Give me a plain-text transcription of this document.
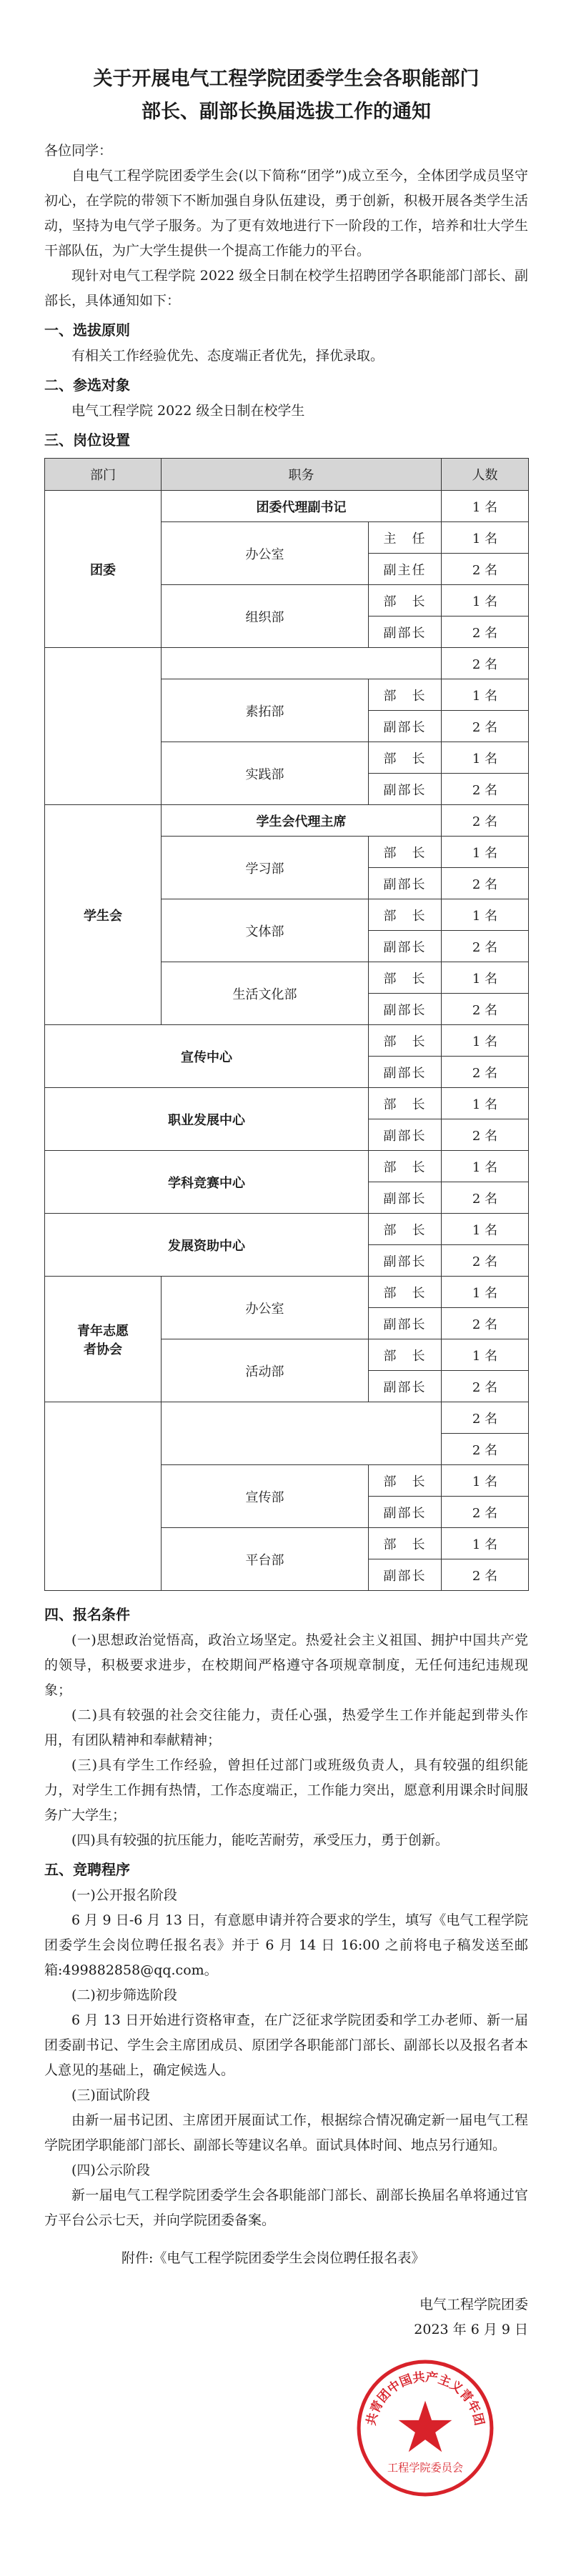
关于开展电气工程学院团委学生会各职能部门
部长、副部长换届选拔工作的通知

各位同学：

自电气工程学院团委学生会(以下简称“团学”)成立至今，全体团学成员坚守初心，在学院的带领下不断加强自身队伍建设，勇于创新，积极开展各类学生活动，坚持为电气学子服务。为了更有效地进行下一阶段的工作，培养和壮大学生干部队伍，为广大学生提供一个提高工作能力的平台。

现针对电气工程学院 2022 级全日制在校学生招聘团学各职能部门部长、副部长，具体通知如下：

一、选拔原则

有相关工作经验优先、态度端正者优先，择优录取。

二、参选对象

电气工程学院 2022 级全日制在校学生

三、岗位设置
部门	职务		人数
团委	团委代理副书记		1 名
	办公室	主　任	1 名
		副主任	2 名
	组织部	部　长	1 名
		副部长	2 名
			2 名
	素拓部	部　长	1 名
		副部长	2 名
	实践部	部　长	1 名
		副部长	2 名
学生会	学生会代理主席		2 名
	学习部	部　长	1 名
		副部长	2 名
	文体部	部　长	1 名
		副部长	2 名
	生活文化部	部　长	1 名
		副部长	2 名
宣传中心		部　长	1 名
		副部长	2 名
职业发展中心		部　长	1 名
		副部长	2 名
学科竞赛中心		部　长	1 名
		副部长	2 名
发展资助中心		部　长	1 名
		副部长	2 名

青年志愿
者协会	办公室	部　长	1 名
		副部长	2 名
	活动部	部　长	1 名
		副部长	2 名
			2 名
			2 名
	宣传部	部　长	1 名
		副部长	2 名
	平台部	部　长	1 名
		副部长	2 名
四、报名条件

(一)思想政治觉悟高，政治立场坚定。热爱社会主义祖国、拥护中国共产党的领导，积极要求进步，在校期间严格遵守各项规章制度，无任何违纪违规现象；

(二)具有较强的社会交往能力，责任心强，热爱学生工作并能起到带头作用，有团队精神和奉献精神；

(三)具有学生工作经验，曾担任过部门或班级负责人，具有较强的组织能力，对学生工作拥有热情，工作态度端正，工作能力突出，愿意利用课余时间服务广大学生；

(四)具有较强的抗压能力，能吃苦耐劳，承受压力，勇于创新。

五、竞聘程序

(一)公开报名阶段

6 月 9 日-6 月 13 日，有意愿申请并符合要求的学生，填写《电气工程学院团委学生会岗位聘任报名表》并于 6 月 14 日 16:00 之前将电子稿发送至邮箱:499882858@qq.com。

(二)初步筛选阶段

6 月 13 日开始进行资格审查，在广泛征求学院团委和学工办老师、新一届团委副书记、学生会主席团成员、原团学各职能部门部长、副部长以及报名者本人意见的基础上，确定候选人。

(三)面试阶段

由新一届书记团、主席团开展面试工作，根据综合情况确定新一届电气工程学院团学职能部门部长、副部长等建议名单。面试具体时间、地点另行通知。

(四)公示阶段

新一届电气工程学院团委学生会各职能部门部长、副部长换届名单将通过官方平台公示七天，并向学院团委备案。

附件:《电气工程学院团委学生会岗位聘任报名表》

电气工程学院团委
2023 年 6 月 9 日
共青团中国共产主义青年团
工程学院委员会
